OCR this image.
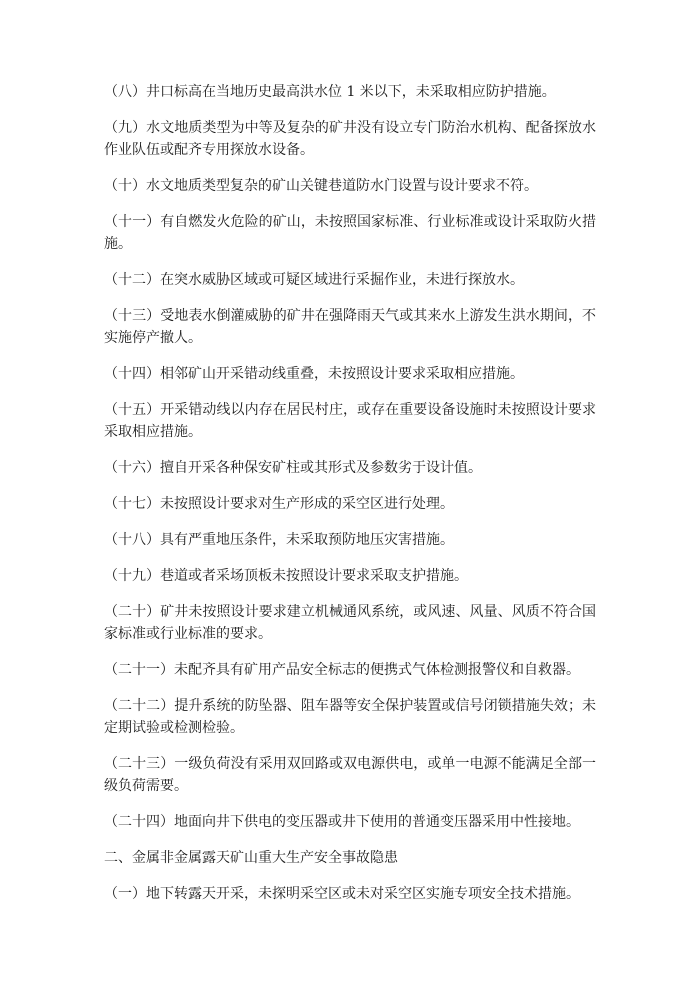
（八）井口标高在当地历史最高洪水位 1 米以下，未采取相应防护措施。

（九）水文地质类型为中等及复杂的矿井没有设立专门防治水机构、配备探放水作业队伍或配齐专用探放水设备。

（十）水文地质类型复杂的矿山关键巷道防水门设置与设计要求不符。

（十一）有自燃发火危险的矿山，未按照国家标准、行业标准或设计采取防火措施。

（十二）在突水威胁区域或可疑区域进行采掘作业，未进行探放水。

（十三）受地表水倒灌威胁的矿井在强降雨天气或其来水上游发生洪水期间，不实施停产撤人。

（十四）相邻矿山开采错动线重叠，未按照设计要求采取相应措施。

（十五）开采错动线以内存在居民村庄，或存在重要设备设施时未按照设计要求采取相应措施。

（十六）擅自开采各种保安矿柱或其形式及参数劣于设计值。

（十七）未按照设计要求对生产形成的采空区进行处理。

（十八）具有严重地压条件，未采取预防地压灾害措施。

（十九）巷道或者采场顶板未按照设计要求采取支护措施。

（二十）矿井未按照设计要求建立机械通风系统，或风速、风量、风质不符合国家标准或行业标准的要求。

（二十一）未配齐具有矿用产品安全标志的便携式气体检测报警仪和自救器。

（二十二）提升系统的防坠器、阻车器等安全保护装置或信号闭锁措施失效；未定期试验或检测检验。

（二十三）一级负荷没有采用双回路或双电源供电，或单一电源不能满足全部一级负荷需要。

（二十四）地面向井下供电的变压器或井下使用的普通变压器采用中性接地。

二、金属非金属露天矿山重大生产安全事故隐患

（一）地下转露天开采，未探明采空区或未对采空区实施专项安全技术措施。
